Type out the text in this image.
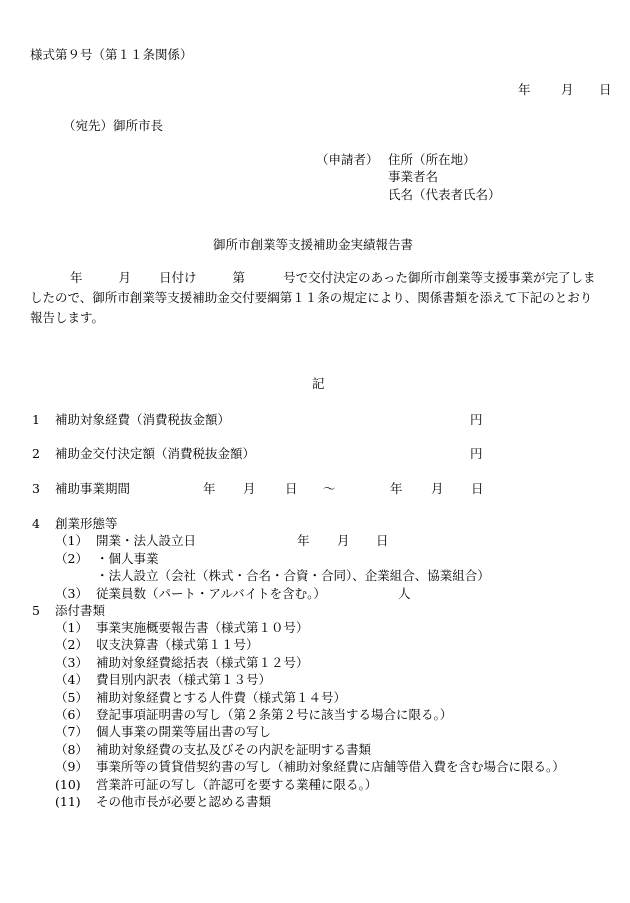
様式第９号（第１１条関係）
年 月 日
（宛先）御所市長
（申請者） 住所（所在地）
事業者名
氏名（代表者氏名）
御所市創業等支援補助金実績報告書
年	月 日付け	第	号で交付決定のあった御所市創業等支援事業が完了しましたので、御所市創業等支援補助金交付要綱第１１条の規定により、関係書類を添えて下記のとおり報告します。
記
1 補助対象経費（消費税抜金額）	円
2 補助金交付決定額（消費税抜金額）	円
3 補助事業期間	年 月 日 ～	年 月 日
4 創業形態等
（1） 開業・法人設立日	年 月 日
（2） ・個人事業
・法人設立（会社（株式・合名・合資・合同）、企業組合、協業組合）
（3） 従業員数（パート・アルバイトを含む。）	人
5 添付書類
（1） 事業実施概要報告書（様式第１０号）
（2） 収支決算書（様式第１１号）
（3） 補助対象経費総括表（様式第１２号）
（4） 費目別内訳表（様式第１３号）
（5） 補助対象経費とする人件費（様式第１４号）
（6） 登記事項証明書の写し（第２条第２号に該当する場合に限る。）
（7） 個人事業の開業等届出書の写し
（8） 補助対象経費の支払及びその内訳を証明する書類
（9） 事業所等の賃貸借契約書の写し（補助対象経費に店舗等借入費を含む場合に限る。）
(10) 営業許可証の写し（許認可を要する業種に限る。）
(11) その他市長が必要と認める書類
